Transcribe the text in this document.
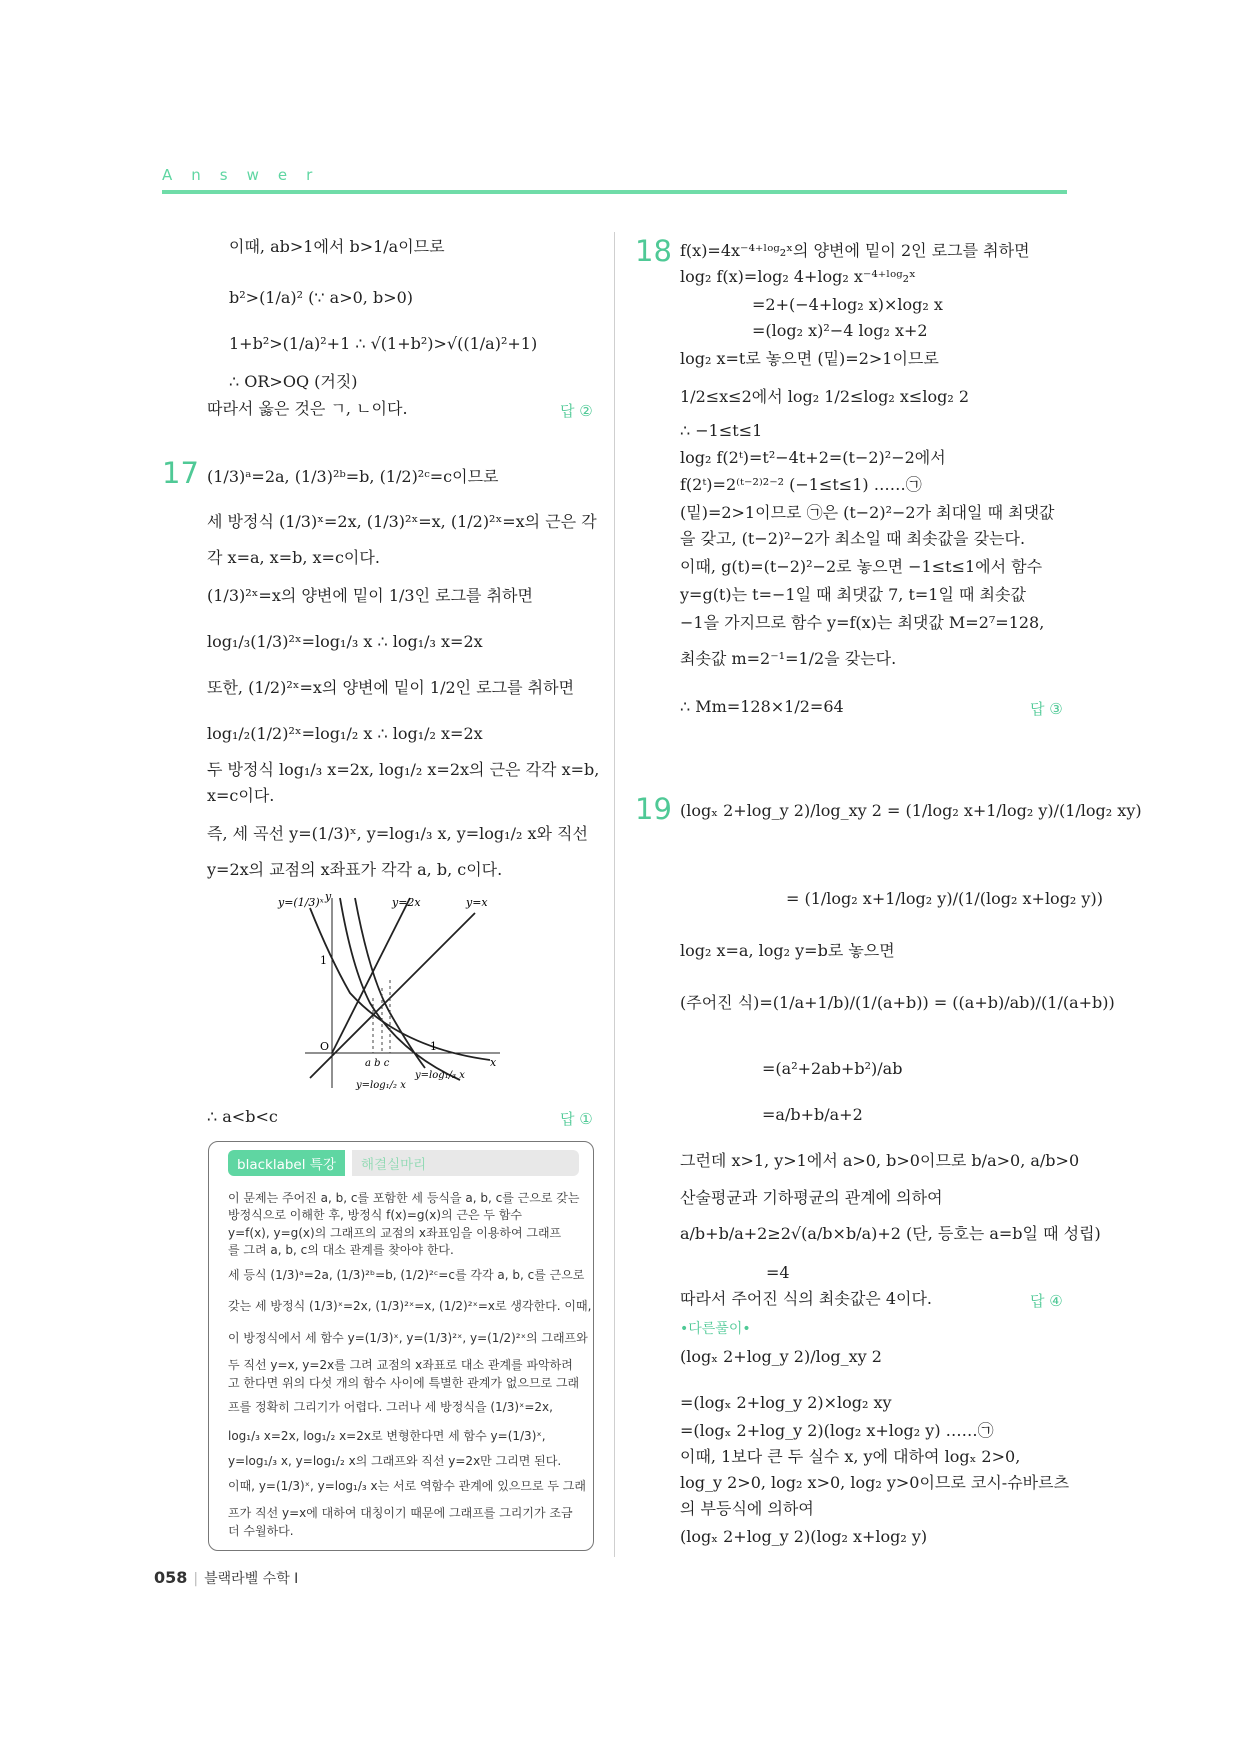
Answer
이때, ab>1에서 b>1/a이므로
b²>(1/a)² (∵ a>0, b>0)
1+b²>(1/a)²+1 ∴ √(1+b²)>√((1/a)²+1)
∴ OR>OQ (거짓)
따라서 옳은 것은 ㄱ, ㄴ이다.	답 ②
17 (1/3)ᵃ=2a, (1/3)²ᵇ=b, (1/2)²ᶜ=c이므로
세 방정식 (1/3)ˣ=2x, (1/3)²ˣ=x, (1/2)²ˣ=x의 근은 각
각 x=a, x=b, x=c이다.
(1/3)²ˣ=x의 양변에 밑이 1/3인 로그를 취하면
log₁/₃(1/3)²ˣ=log₁/₃ x ∴ log₁/₃ x=2x
또한, (1/2)²ˣ=x의 양변에 밑이 1/2인 로그를 취하면
log₁/₂(1/2)²ˣ=log₁/₂ x ∴ log₁/₂ x=2x
두 방정식 log₁/₃ x=2x, log₁/₂ x=2x의 근은 각각 x=b,
x=c이다.
즉, 세 곡선 y=(1/3)ˣ, y=log₁/₃ x, y=log₁/₂ x와 직선
y=2x의 교점의 x좌표가 각각 a, b, c이다.
y=(1/3)ˣ y	y=2x	y=x
1
O	1
x
a b c
y=log₁/₂ x
y=log₁/₃ x
∴ a<b<c	답 ①
blacklabel 특강	해결실마리
이 문제는 주어진 a, b, c를 포함한 세 등식을 a, b, c를 근으로 갖는
방정식으로 이해한 후, 방정식 f(x)=g(x)의 근은 두 함수
y=f(x), y=g(x)의 그래프의 교점의 x좌표임을 이용하여 그래프
를 그려 a, b, c의 대소 관계를 찾아야 한다.
세 등식 (1/3)ᵃ=2a, (1/3)²ᵇ=b, (1/2)²ᶜ=c를 각각 a, b, c를 근으로
갖는 세 방정식 (1/3)ˣ=2x, (1/3)²ˣ=x, (1/2)²ˣ=x로 생각한다. 이때,
이 방정식에서 세 함수 y=(1/3)ˣ, y=(1/3)²ˣ, y=(1/2)²ˣ의 그래프와
두 직선 y=x, y=2x를 그려 교점의 x좌표로 대소 관계를 파악하려
고 한다면 위의 다섯 개의 함수 사이에 특별한 관계가 없으므로 그래
프를 정확히 그리기가 어렵다. 그러나 세 방정식을 (1/3)ˣ=2x,
log₁/₃ x=2x, log₁/₂ x=2x로 변형한다면 세 함수 y=(1/3)ˣ,
y=log₁/₃ x, y=log₁/₂ x의 그래프와 직선 y=2x만 그리면 된다.
이때, y=(1/3)ˣ, y=log₁/₃ x는 서로 역함수 관계에 있으므로 두 그래
프가 직선 y=x에 대하여 대칭이기 때문에 그래프를 그리기가 조금
더 수월하다.
18 f(x)=4x⁻⁴⁺ˡᵒᵍ₂ˣ의 양변에 밑이 2인 로그를 취하면
log₂ f(x)=log₂ 4+log₂ x⁻⁴⁺ˡᵒᵍ₂ˣ
=2+(−4+log₂ x)×log₂ x
=(log₂ x)²−4 log₂ x+2
log₂ x=t로 놓으면 (밑)=2>1이므로
1/2≤x≤2에서 log₂ 1/2≤log₂ x≤log₂ 2
∴ −1≤t≤1
log₂ f(2ᵗ)=t²−4t+2=(t−2)²−2에서
f(2ᵗ)=2⁽ᵗ⁻²⁾²⁻² (−1≤t≤1) ……㉠
(밑)=2>1이므로 ㉠은 (t−2)²−2가 최대일 때 최댓값
을 갖고, (t−2)²−2가 최소일 때 최솟값을 갖는다.
이때, g(t)=(t−2)²−2로 놓으면 −1≤t≤1에서 함수
y=g(t)는 t=−1일 때 최댓값 7, t=1일 때 최솟값
−1을 가지므로 함수 y=f(x)는 최댓값 M=2⁷=128,
최솟값 m=2⁻¹=1/2을 갖는다.
∴ Mm=128×1/2=64	답 ③
19 (logₓ 2+log_y 2)/log_xy 2 = (1/log₂ x+1/log₂ y)/(1/log₂ xy)
= (1/log₂ x+1/log₂ y)/(1/(log₂ x+log₂ y))
log₂ x=a, log₂ y=b로 놓으면
(주어진 식)=(1/a+1/b)/(1/(a+b)) = ((a+b)/ab)/(1/(a+b))
=(a²+2ab+b²)/ab
=a/b+b/a+2
그런데 x>1, y>1에서 a>0, b>0이므로 b/a>0, a/b>0
산술평균과 기하평균의 관계에 의하여
a/b+b/a+2≥2√(a/b×b/a)+2 (단, 등호는 a=b일 때 성립)
=4
따라서 주어진 식의 최솟값은 4이다.	답 ④
•다른풀이•
(logₓ 2+log_y 2)/log_xy 2
=(logₓ 2+log_y 2)×log₂ xy
=(logₓ 2+log_y 2)(log₂ x+log₂ y) ……㉠
이때, 1보다 큰 두 실수 x, y에 대하여 logₓ 2>0,
log_y 2>0, log₂ x>0, log₂ y>0이므로 코시-슈바르츠
의 부등식에 의하여
(logₓ 2+log_y 2)(log₂ x+log₂ y)
058 | 블랙라벨 수학 I
